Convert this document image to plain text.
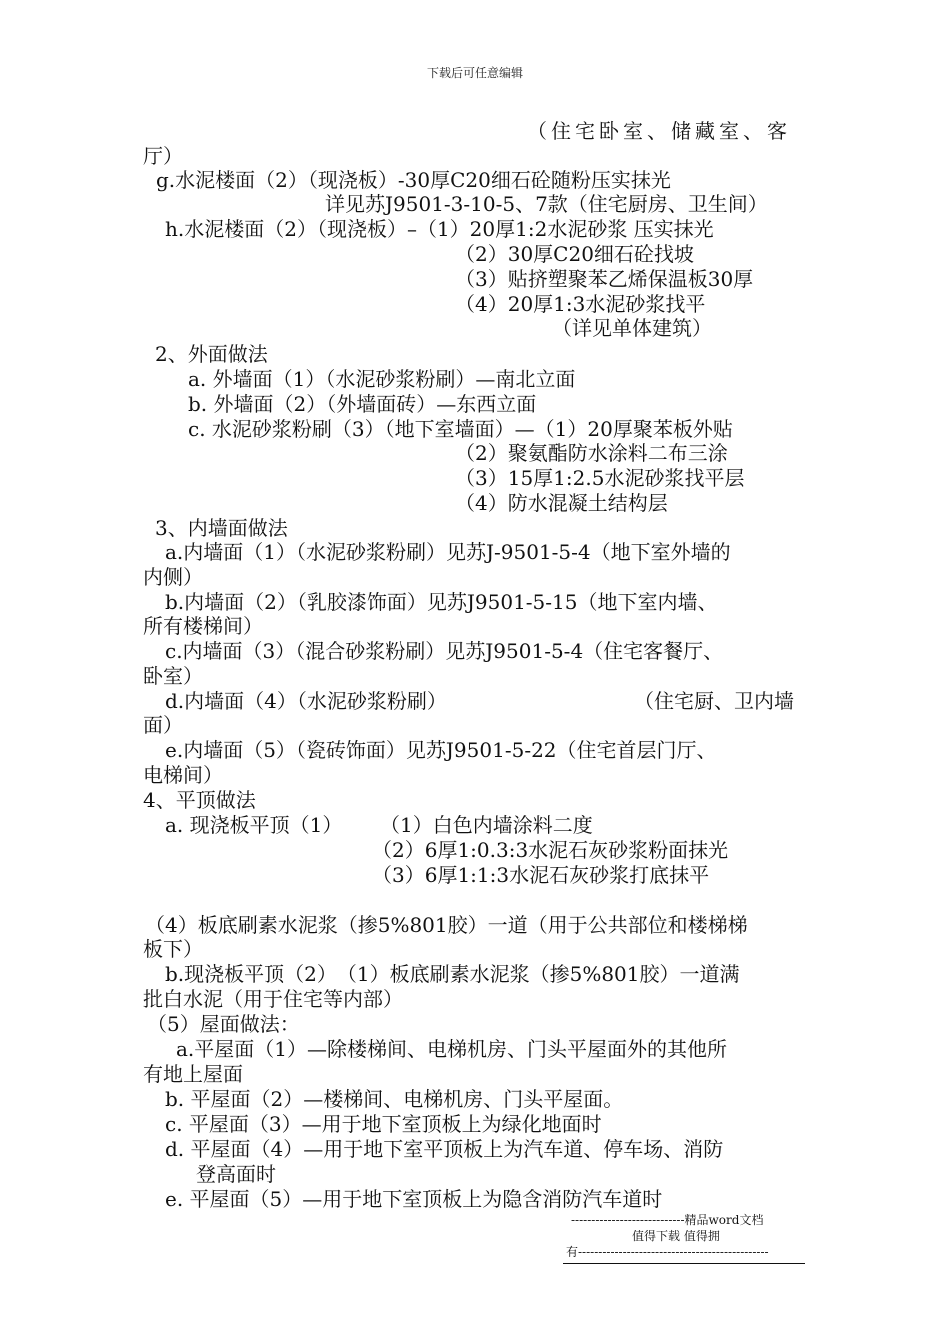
下载后可任意编辑
（住宅卧室、储藏室、客
厅）
g.水泥楼面（2）（现浇板）-30厚C20细石砼随粉压实抹光
详见苏J9501-3-10-5、7款（住宅厨房、卫生间）
h.水泥楼面（2）（现浇板）–（1）20厚1:2水泥砂浆 压实抹光
（2）30厚C20细石砼找坡
（3）贴挤塑聚苯乙烯保温板30厚
（4）20厚1:3水泥砂浆找平
（详见单体建筑）
2、外面做法
a. 外墙面（1）（水泥砂浆粉刷）—南北立面
b. 外墙面（2）（外墙面砖）—东西立面
c. 水泥砂浆粉刷（3）（地下室墙面）—（1）20厚聚苯板外贴
（2）聚氨酯防水涂料二布三涂
（3）15厚1:2.5水泥砂浆找平层
（4）防水混凝土结构层
3、内墙面做法
a.内墙面（1）（水泥砂浆粉刷）见苏J-9501-5-4（地下室外墙的
内侧）
b.内墙面（2）（乳胶漆饰面）见苏J9501-5-15（地下室内墙、
所有楼梯间）
c.内墙面（3）（混合砂浆粉刷）见苏J9501-5-4（住宅客餐厅、
卧室）
d.内墙面（4）（水泥砂浆粉刷）	（住宅厨、卫内墙
面）
e.内墙面（5）（瓷砖饰面）见苏J9501-5-22（住宅首层门厅、
电梯间）
4、平顶做法
a. 现浇板平顶（1） （1）白色内墙涂料二度
（2）6厚1:0.3:3水泥石灰砂浆粉面抹光
（3）6厚1:1:3水泥石灰砂浆打底抹平
（4）板底刷素水泥浆（掺5%801胶）一道（用于公共部位和楼梯梯
板下）
b.现浇板平顶（2）　（1）板底刷素水泥浆（掺5%801胶）一道满
批白水泥（用于住宅等内部）
（5）屋面做法：
a.平屋面（1）—除楼梯间、电梯机房、门头平屋面外的其他所
有地上屋面
b. 平屋面（2）—楼梯间、电梯机房、门头平屋面。
c. 平屋面（3）—用于地下室顶板上为绿化地面时
d. 平屋面（4）—用于地下室平顶板上为汽车道、停车场、消防
登高面时
e. 平屋面（5）—用于地下室顶板上为隐含消防汽车道时
----------------------------精品word文档
值得下载 值得拥
有-----------------------------------------------
